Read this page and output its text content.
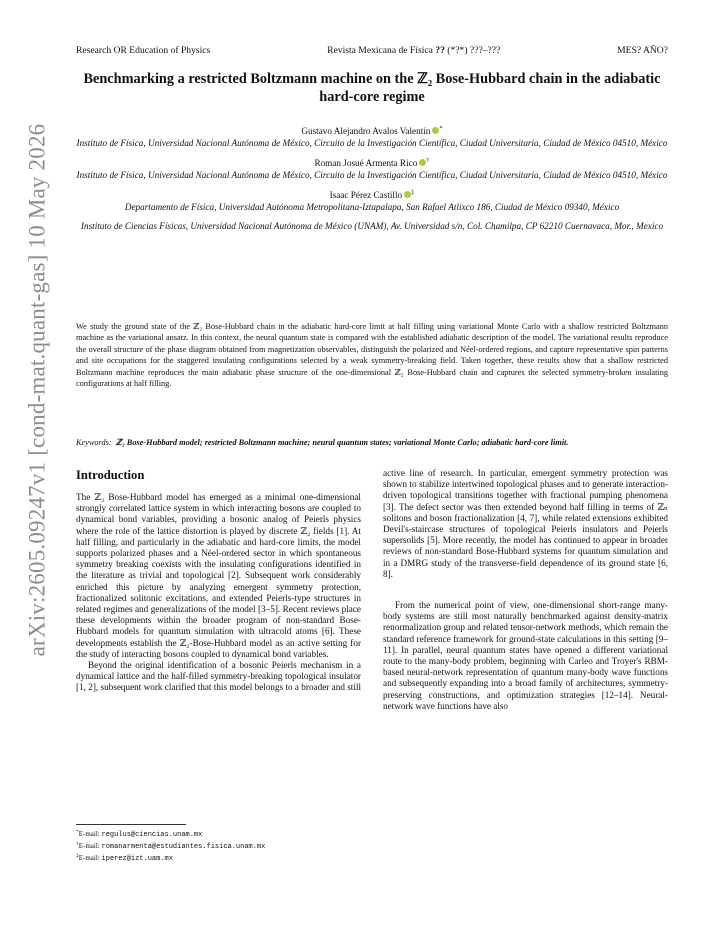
arXiv:2605.09247v1 [cond-mat.quant-gas] 10 May 2026
Research OR Education of Physics	Revista Mexicana de Física ?? (*?*) ???–???	MES? AÑO?
Benchmarking a restricted Boltzmann machine on the ℤ₂ Bose-Hubbard chain in the adiabatic hard-core regime
Gustavo Alejandro Avalos Valentín *
Instituto de Física, Universidad Nacional Autónoma de México, Circuito de la Investigación Científica, Ciudad Universitaria, Ciudad de México 04510, México
Roman Josué Armenta Rico †
Instituto de Física, Universidad Nacional Autónoma de México, Circuito de la Investigación Científica, Ciudad Universitaria, Ciudad de México 04510, México
Isaac Pérez Castillo ‡
Departamento de Física, Universidad Autónoma Metropolitana-Iztapalapa, San Rafael Atlixco 186, Ciudad de México 09340, México
Instituto de Ciencias Físicas, Universidad Nacional Autónoma de México (UNAM), Av. Universidad s/n, Col. Chamilpa, CP 62210 Cuernavaca, Mor., Mexico
We study the ground state of the ℤ₂ Bose-Hubbard chain in the adiabatic hard-core limit at half filling using variational Monte Carlo with a shallow restricted Boltzmann machine as the variational ansatz. In this context, the neural quantum state is compared with the established adiabatic description of the model. The variational results reproduce the overall structure of the phase diagram obtained from magnetization observables, distinguish the polarized and Néel-ordered regions, and capture representative spin patterns and site occupations for the staggered insulating configurations selected by a weak symmetry-breaking field. Taken together, these results show that a shallow restricted Boltzmann machine reproduces the main adiabatic phase structure of the one-dimensional ℤ₂ Bose-Hubbard chain and captures the selected symmetry-broken insulating configurations at half filling.
Keywords: ℤ₂ Bose-Hubbard model; restricted Boltzmann machine; neural quantum states; variational Monte Carlo; adiabatic hard-core limit.
Introduction

The ℤ₂ Bose-Hubbard model has emerged as a minimal one-dimensional strongly correlated lattice system in which interacting bosons are coupled to dynamical bond variables, providing a bosonic analog of Peierls physics where the role of the lattice distortion is played by discrete ℤ₂ fields [1]. At half filling, and particularly in the adiabatic and hard-core limits, the model supports polarized phases and a Néel-ordered sector in which spontaneous symmetry breaking coexists with the insulating configurations identified in the literature as trivial and topological [2]. Subsequent work considerably enriched this picture by analyzing emergent symmetry protection, fractionalized solitonic excitations, and extended Peierls-type structures in related regimes and generalizations of the model [3–5]. Recent reviews place these developments within the broader program of non-standard Bose-Hubbard models for quantum simulation with ultracold atoms [6]. These developments establish the ℤ₂-Bose-Hubbard model as an active setting for the study of interacting bosons coupled to dynamical bond variables.

Beyond the original identification of a bosonic Peierls mechanism in a dynamical lattice and the half-filled symmetry-breaking topological insulator [1, 2], subsequent work clarified that this model belongs to a broader and still

active line of research. In particular, emergent symmetry protection was shown to stabilize intertwined topological phases and to generate interaction-driven topological transitions together with fractional pumping phenomena [3]. The defect sector was then extended beyond half filling in terms of ℤₙ solitons and boson fractionalization [4, 7], while related extensions exhibited Devil's-staircase structures of topological Peierls insulators and Peierls supersolids [5]. More recently, the model has continued to appear in broader reviews of non-standard Bose-Hubbard systems for quantum simulation and in a DMRG study of the transverse-field dependence of its ground state [6, 8].

From the numerical point of view, one-dimensional short-range many-body systems are still most naturally benchmarked against density-matrix renormalization group and related tensor-network methods, which remain the standard reference framework for ground-state calculations in this setting [9–11]. In parallel, neural quantum states have opened a different variational route to the many-body problem, beginning with Carleo and Troyer's RBM-based neural-network representation of quantum many-body wave functions and subsequently expanding into a broad family of architectures, symmetry-preserving constructions, and optimization strategies [12–14]. Neural-network wave functions have also

*E-mail: regulus@ciencias.unam.mx
†E-mail: romanarmenta@estudiantes.fisica.unam.mx
‡E-mail: iperez@izt.uam.mx
